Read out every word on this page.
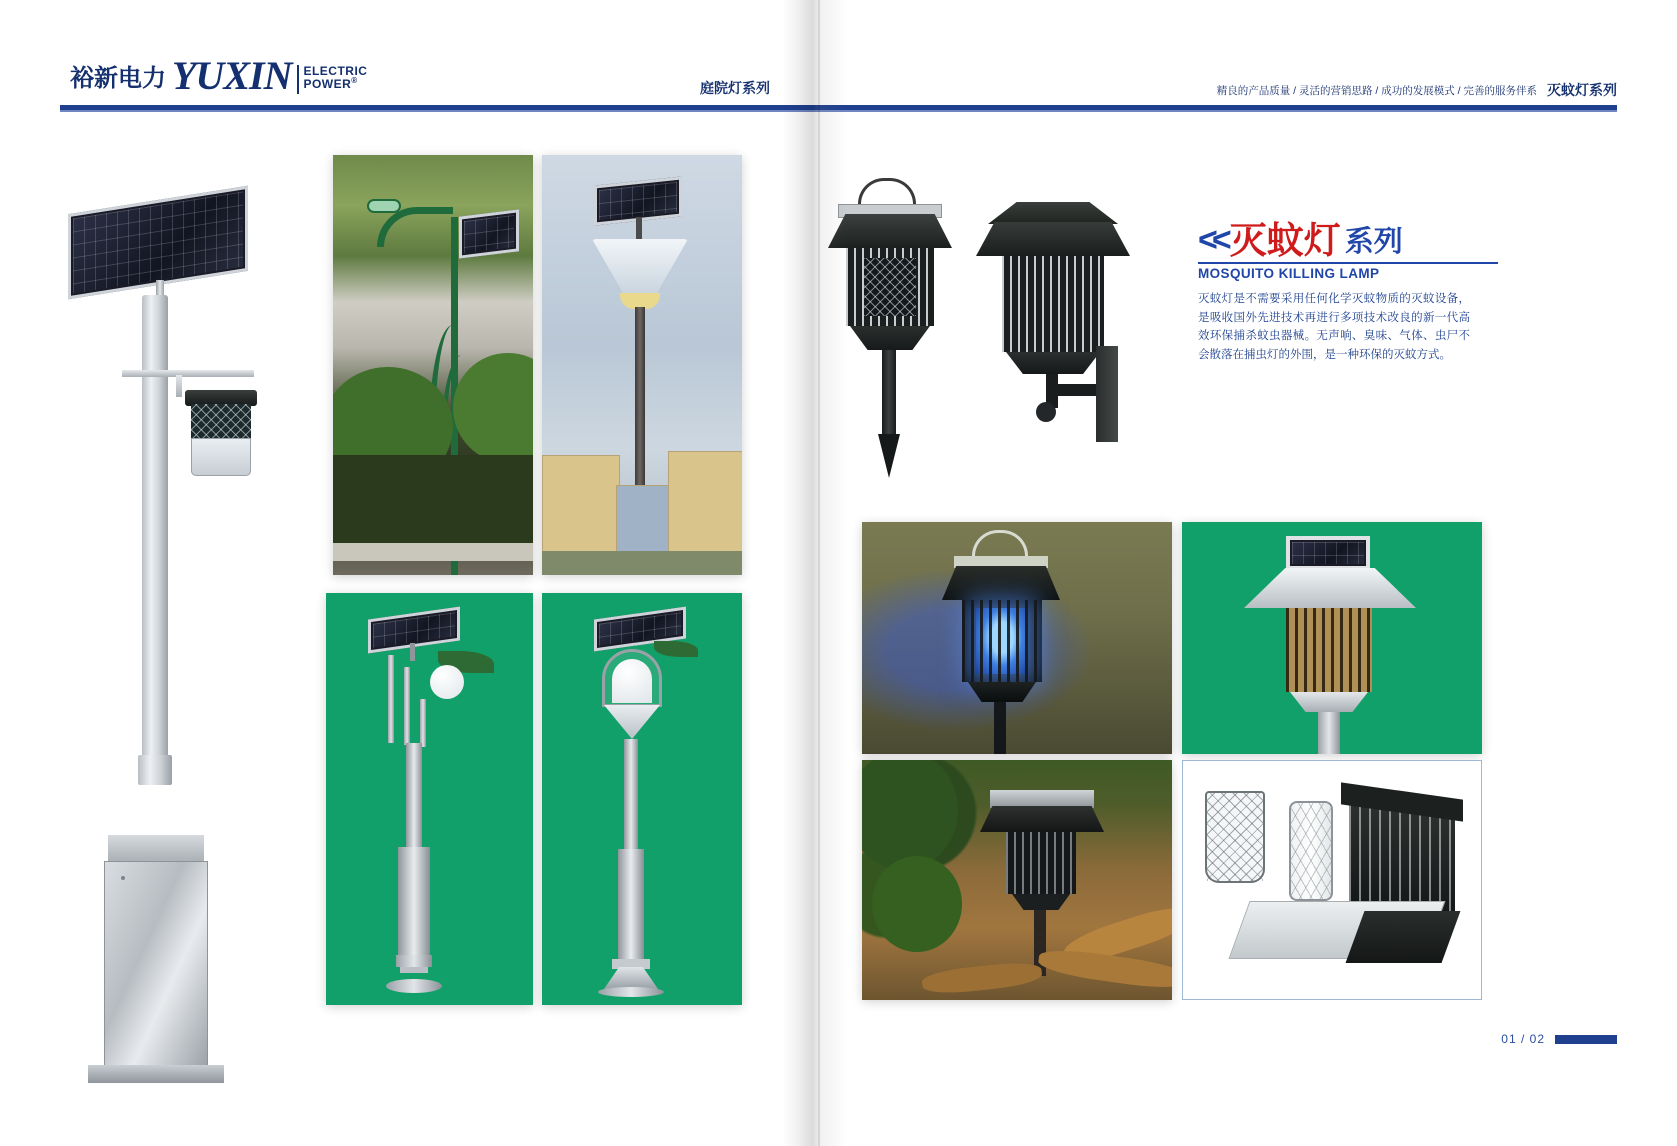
裕新电力 YUXIN ELECTRIC
POWER®	庭院灯系列	精良的产品质量 / 灵活的营销思路 / 成功的发展模式 / 完善的服务伴系 灭蚊灯系列
<< 灭蚊灯 系列
MOSQUITO KILLING LAMP
灭蚊灯是不需要采用任何化学灭蚊物质的灭蚊设备，是吸收国外先进技术再进行多项技术改良的新一代高效环保捕杀蚊虫器械。无声响、臭味、气体、虫尸不会散落在捕虫灯的外围，是一种环保的灭蚊方式。
01 / 02
